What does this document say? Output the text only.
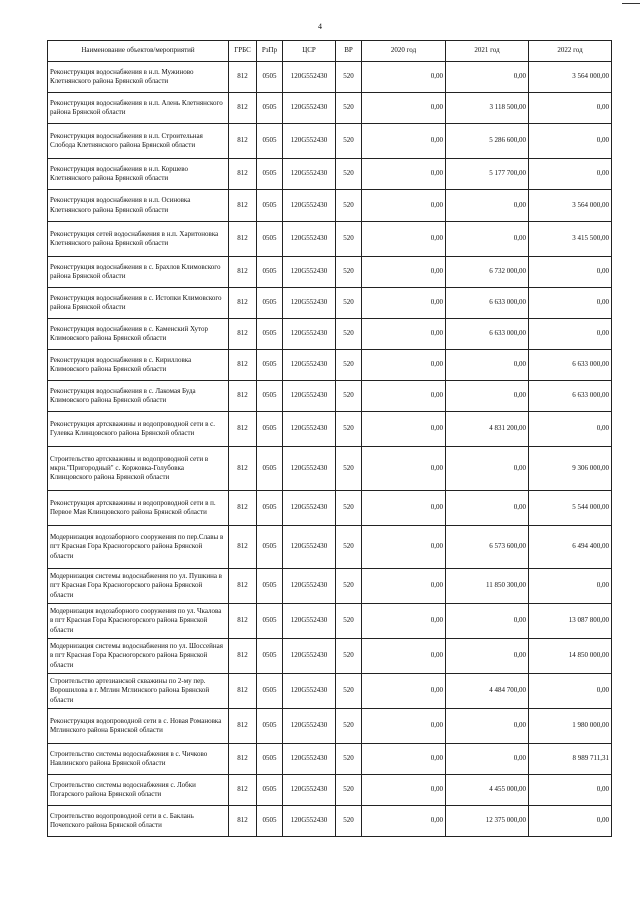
4
Наименование объектов/мероприятий	ГРБС	РзПр	ЦСР	ВР	2020 год	2021 год	2022 год
Реконструкция водоснабжения в н.п. Мужиново Клетнянского района Брянской области	812	0505	120G552430	520	0,00	0,00	3 564 000,00
Реконструкция водоснабжения в н.п. Алень Клетнянского района Брянской области	812	0505	120G552430	520	0,00	3 118 500,00	0,00
Реконструкция водоснабжения в н.п. Строительная Слобода Клетнянского района Брянской области	812	0505	120G552430	520	0,00	5 286 600,00	0,00
Реконструкция водоснабжения в н.п. Коршево Клетнянского района Брянской области	812	0505	120G552430	520	0,00	5 177 700,00	0,00
Реконструкция водоснабжения в н.п. Осиновка Клетнянского района Брянской области	812	0505	120G552430	520	0,00	0,00	3 564 000,00
Реконструкция сетей водоснабжения в н.п. Харитоновка Клетнянского района Брянской области	812	0505	120G552430	520	0,00	0,00	3 415 500,00
Реконструкция водоснабжения в с. Брахлов Климовского района Брянской области	812	0505	120G552430	520	0,00	6 732 000,00	0,00
Реконструкция водоснабжения в с. Истопки Климовского района Брянской области	812	0505	120G552430	520	0,00	6 633 000,00	0,00
Реконструкция водоснабжения в с. Каменский Хутор Климовского района Брянской области	812	0505	120G552430	520	0,00	6 633 000,00	0,00
Реконструкция водоснабжения в с. Кирилловка Климовского района Брянской области	812	0505	120G552430	520	0,00	0,00	6 633 000,00
Реконструкция водоснабжения в с. Лакомая Буда Климовского района Брянской области	812	0505	120G552430	520	0,00	0,00	6 633 000,00
Реконструкция артскважины и водопроводной сети в с. Гулевка Клинцовского района Брянской области	812	0505	120G552430	520	0,00	4 831 200,00	0,00
Строительство артскважины и водопроводной сети в мкрн."Пригородный" с. Коржовка-Голубовка Клинцовского района Брянской области	812	0505	120G552430	520	0,00	0,00	9 306 000,00
Реконструкция артскважины и водопроводной сети в п. Первое Мая Клинцовского района Брянской области	812	0505	120G552430	520	0,00	0,00	5 544 000,00
Модернизация водозаборного сооружения по пер.Славы в пгт Красная Гора Красногорского района Брянской области	812	0505	120G552430	520	0,00	6 573 600,00	6 494 400,00
Модернизация системы водоснабжения по ул. Пушкина в пгт Красная Гора Красногорского района Брянской области	812	0505	120G552430	520	0,00	11 850 300,00	0,00
Модернизация водозаборного сооружения по ул. Чкалова в пгт Красная Гора Красногорского района Брянской области	812	0505	120G552430	520	0,00	0,00	13 087 800,00
Модернизация системы водоснабжения по ул. Шоссейная в пгт Красная Гора Красногорского района Брянской области	812	0505	120G552430	520	0,00	0,00	14 850 000,00
Строительство артезианской скважины по 2-му пер. Ворошилова в г. Мглин Мглинского района Брянской области	812	0505	120G552430	520	0,00	4 484 700,00	0,00
Реконструкция водопроводной сети в с. Новая Романовка Мглинского района Брянской области	812	0505	120G552430	520	0,00	0,00	1 980 000,00
Строительство системы водоснабжения в с. Чичково Навлинского района Брянской области	812	0505	120G552430	520	0,00	0,00	8 989 711,31
Строительство системы водоснабжения с. Лобки Погарского района Брянской области	812	0505	120G552430	520	0,00	4 455 000,00	0,00
Строительство водопроводной сети в с. Баклань Почепского района Брянской области	812	0505	120G552430	520	0,00	12 375 000,00	0,00
